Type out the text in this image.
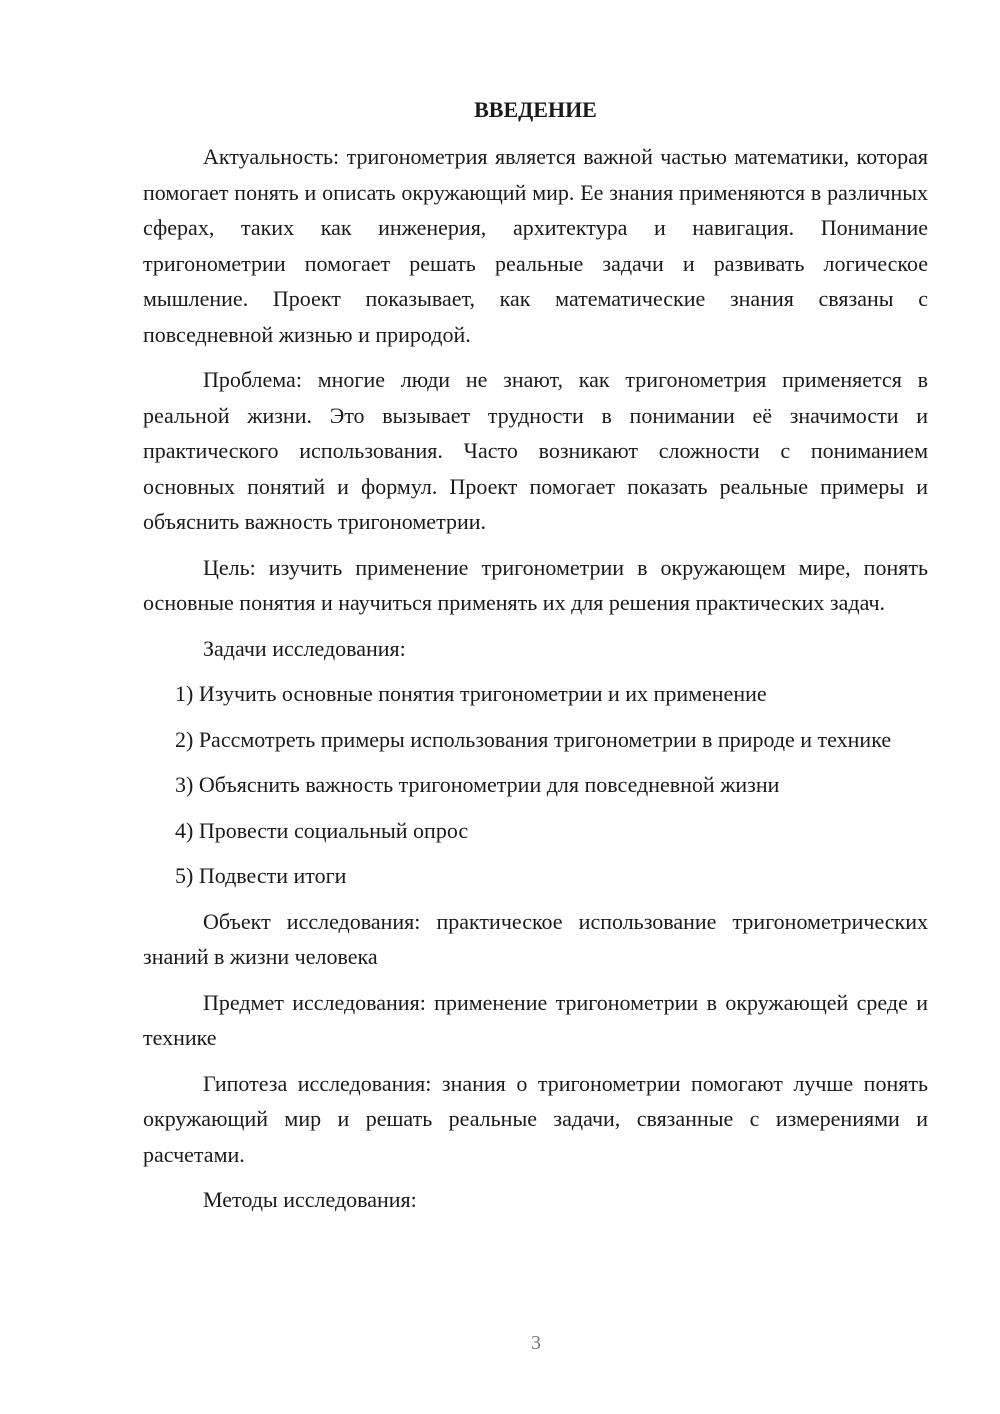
ВВЕДЕНИЕ

Актуальность: тригонометрия является важной частью математики, которая помогает понять и описать окружающий мир. Ее знания применяются в различных сферах, таких как инженерия, архитектура и навигация. Понимание тригонометрии помогает решать реальные задачи и развивать логическое мышление. Проект показывает, как математические знания связаны с повседневной жизнью и природой.

Проблема: многие люди не знают, как тригонометрия применяется в реальной жизни. Это вызывает трудности в понимании её значимости и практического использования. Часто возникают сложности с пониманием основных понятий и формул. Проект помогает показать реальные примеры и объяснить важность тригонометрии.

Цель: изучить применение тригонометрии в окружающем мире, понять основные понятия и научиться применять их для решения практических задач.

Задачи исследования:

1) Изучить основные понятия тригонометрии и их применение

2) Рассмотреть примеры использования тригонометрии в природе и технике

3) Объяснить важность тригонометрии для повседневной жизни

4) Провести социальный опрос

5) Подвести итоги

Объект исследования: практическое использование тригонометрических знаний в жизни человека

Предмет исследования: применение тригонометрии в окружающей среде и технике

Гипотеза исследования: знания о тригонометрии помогают лучше понять окружающий мир и решать реальные задачи, связанные с измерениями и расчетами.

Методы исследования:

3
